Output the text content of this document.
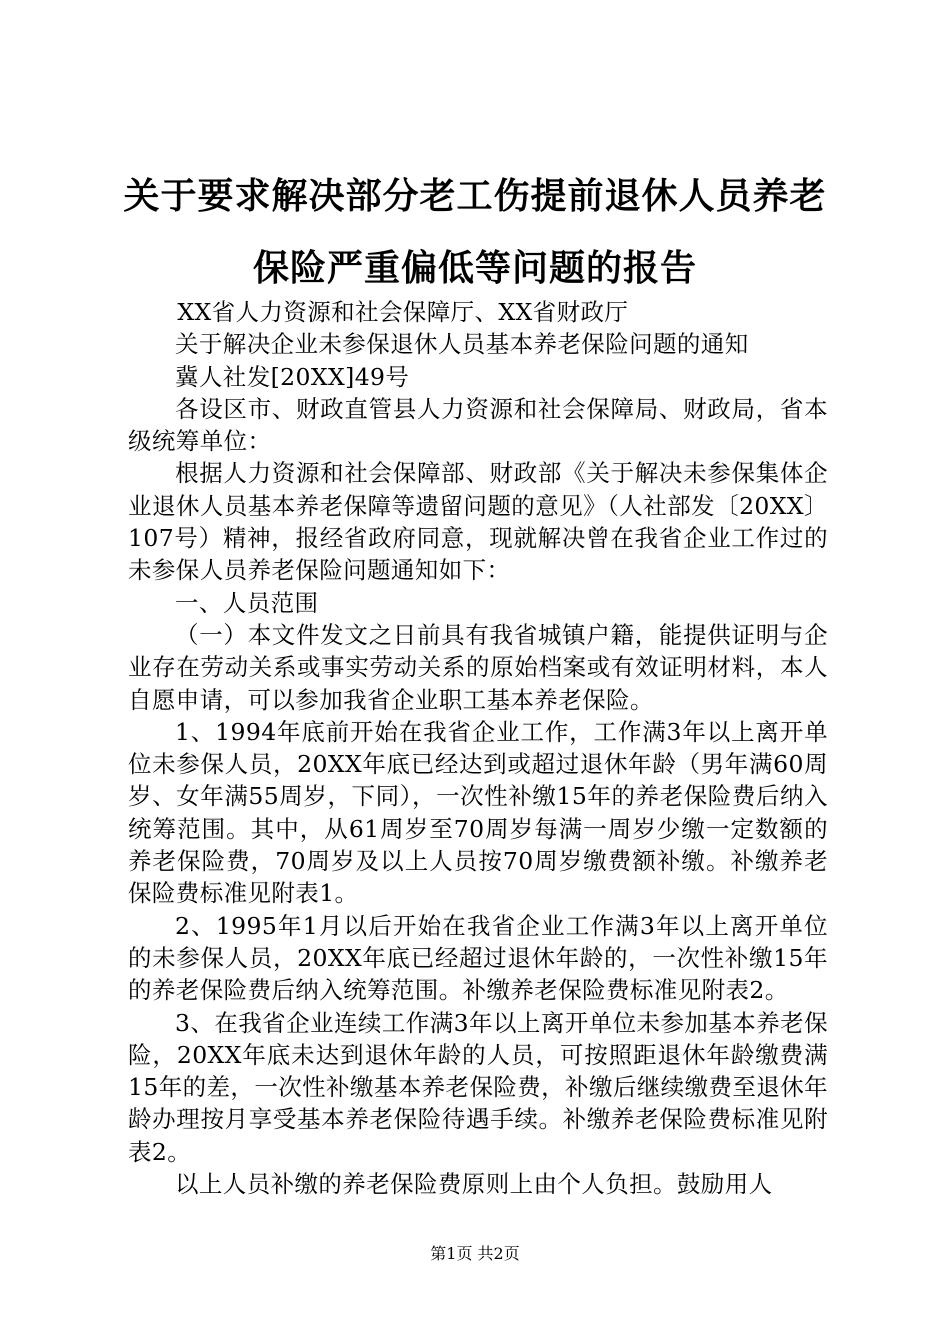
关于要求解决部分老工伤提前退休人员养老保险严重偏低等问题的报告

XX省人力资源和社会保障厅、XX省财政厅

关于解决企业未参保退休人员基本养老保险问题的通知

冀人社发[20XX]49号

各设区市、财政直管县人力资源和社会保障局、财政局，省本级统筹单位：

根据人力资源和社会保障部、财政部《关于解决未参保集体企业退休人员基本养老保障等遗留问题的意见》（人社部发〔20XX〕107号）精神，报经省政府同意，现就解决曾在我省企业工作过的未参保人员养老保险问题通知如下：

一、人员范围

（一）本文件发文之日前具有我省城镇户籍，能提供证明与企业存在劳动关系或事实劳动关系的原始档案或有效证明材料，本人自愿申请，可以参加我省企业职工基本养老保险。

1、1994年底前开始在我省企业工作，工作满3年以上离开单位未参保人员，20XX年底已经达到或超过退休年龄（男年满60周岁、女年满55周岁，下同），一次性补缴15年的养老保险费后纳入统筹范围。其中，从61周岁至70周岁每满一周岁少缴一定数额的养老保险费，70周岁及以上人员按70周岁缴费额补缴。补缴养老保险费标准见附表1。

2、1995年1月以后开始在我省企业工作满3年以上离开单位的未参保人员，20XX年底已经超过退休年龄的，一次性补缴15年的养老保险费后纳入统筹范围。补缴养老保险费标准见附表2。

3、在我省企业连续工作满3年以上离开单位未参加基本养老保险，20XX年底未达到退休年龄的人员，可按照距退休年龄缴费满15年的差，一次性补缴基本养老保险费，补缴后继续缴费至退休年龄办理按月享受基本养老保险待遇手续。补缴养老保险费标准见附表2。

以上人员补缴的养老保险费原则上由个人负担。鼓励用人

第1页 共2页
